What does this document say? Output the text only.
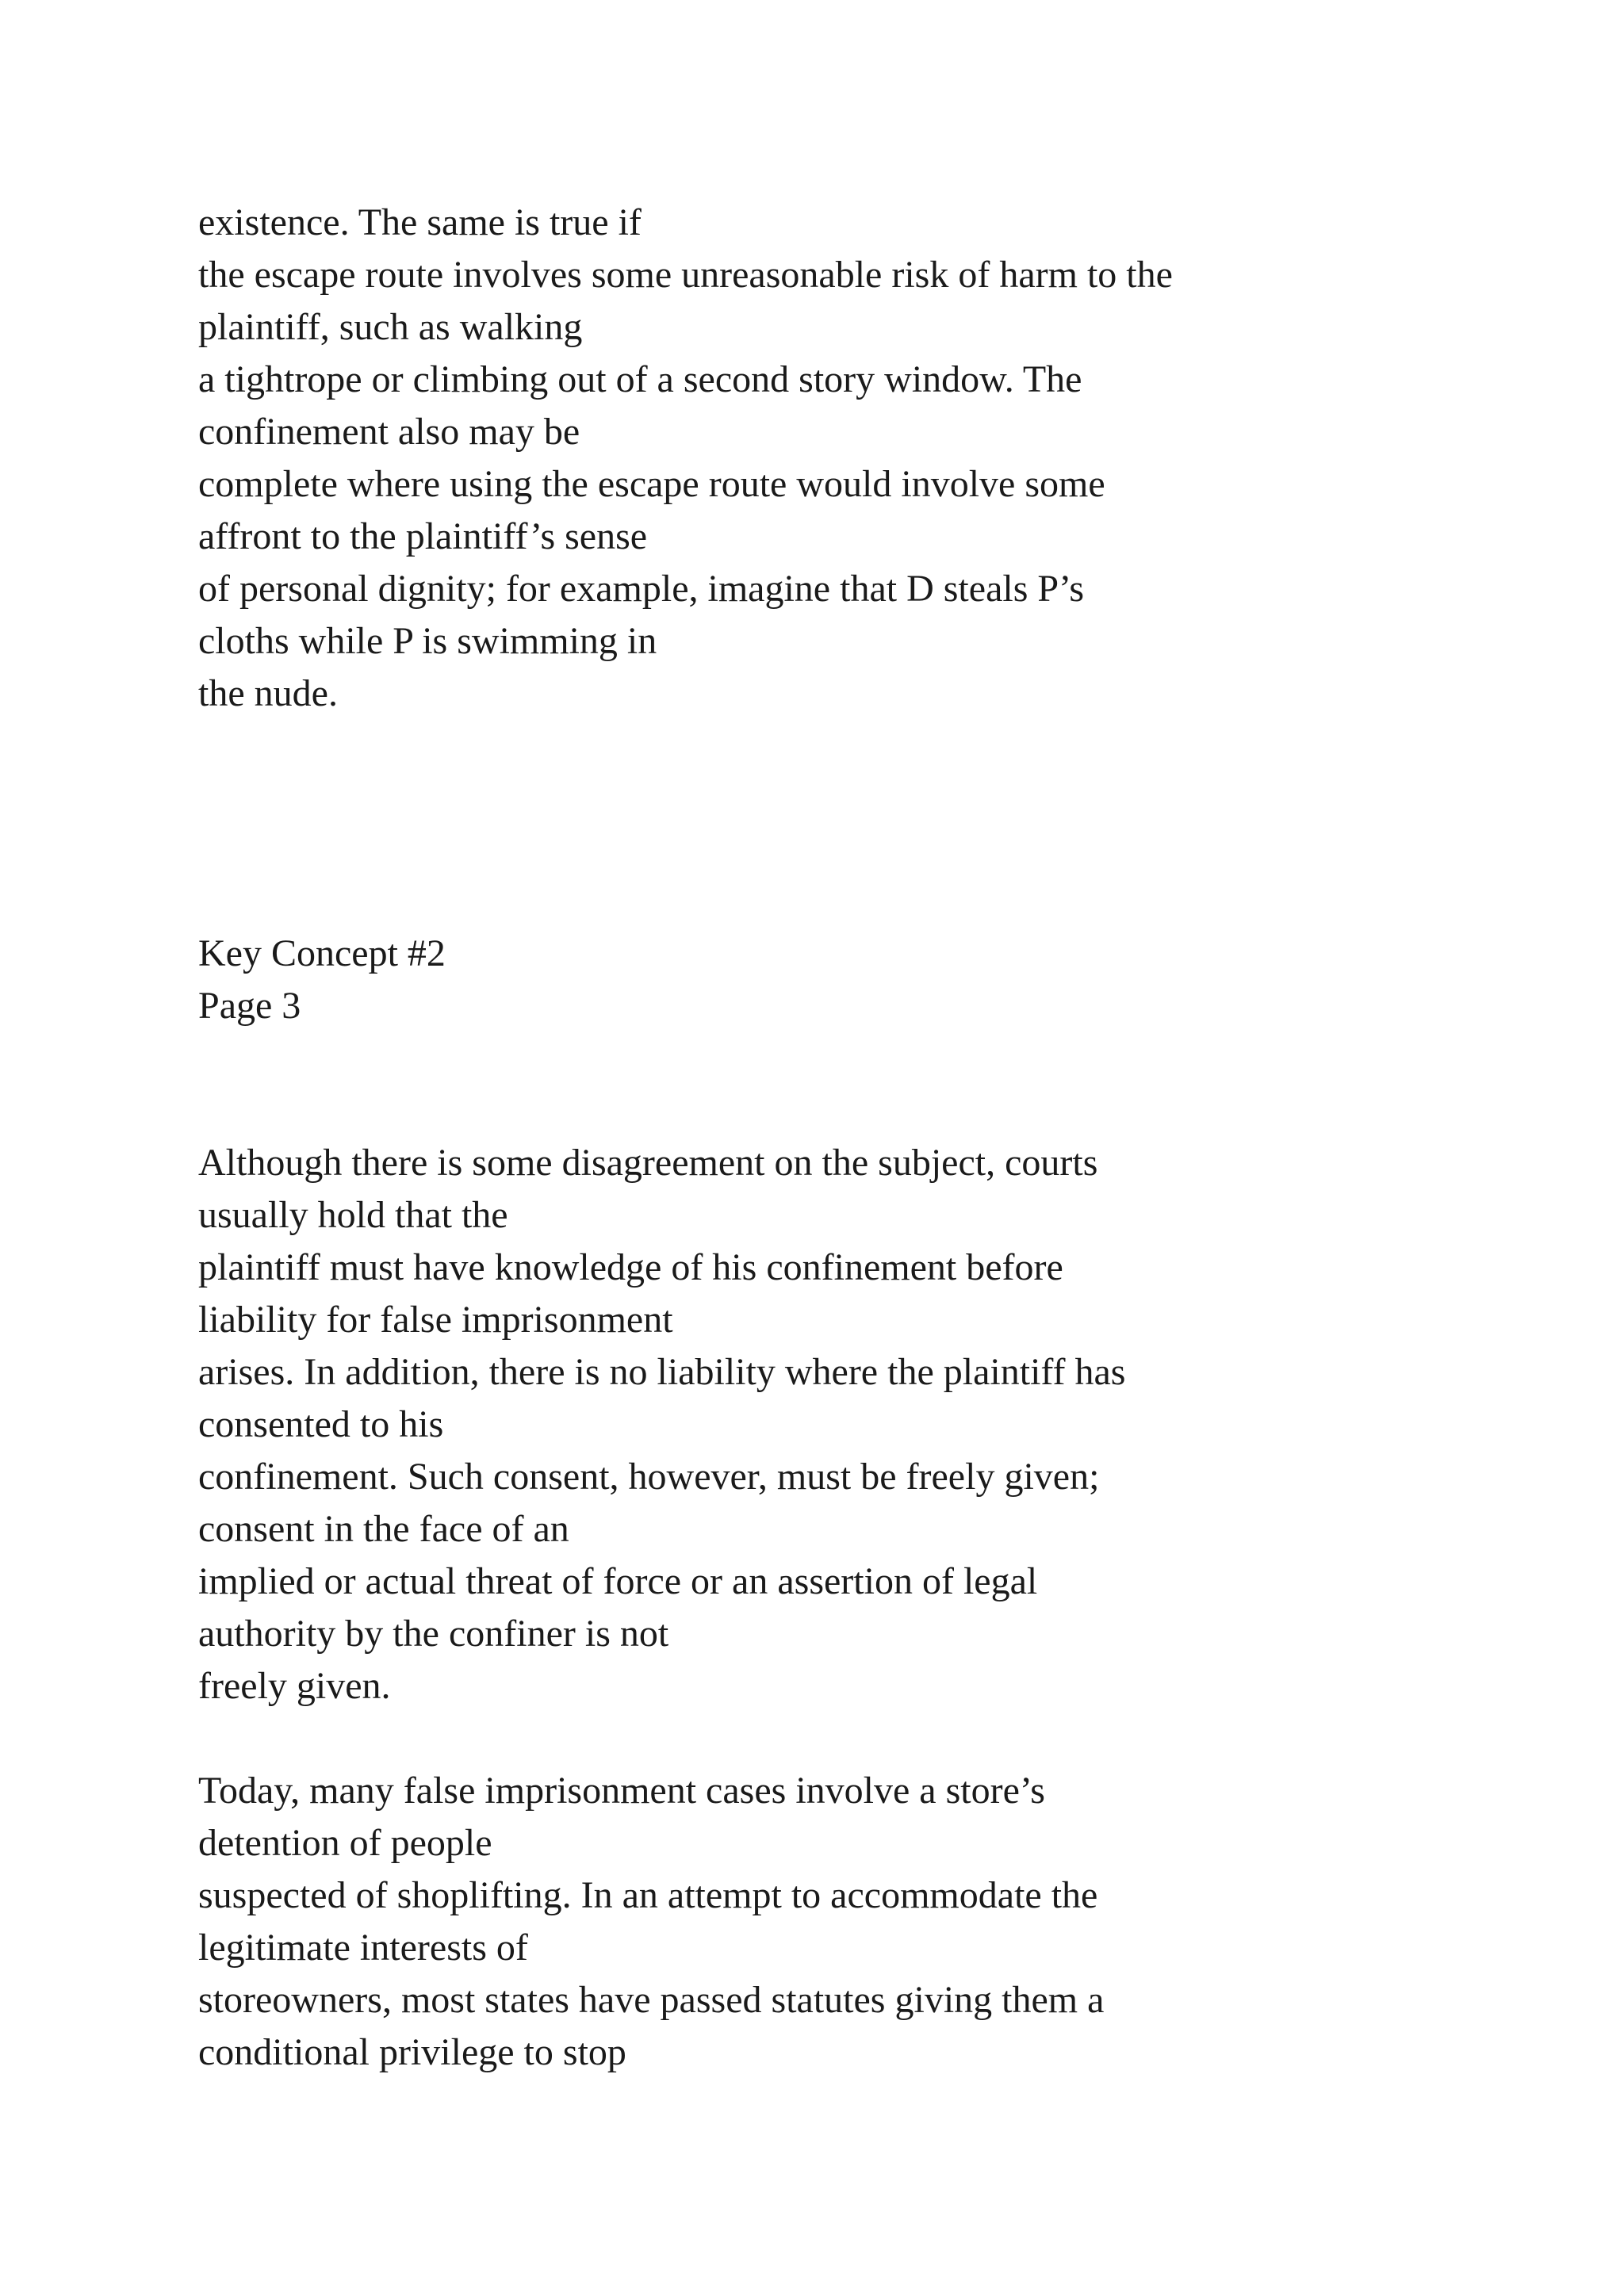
existence. The same is true if
the escape route involves some unreasonable risk of harm to the
plaintiff, such as walking
a tightrope or climbing out of a second story window. The
confinement also may be
complete where using the escape route would involve some
affront to the plaintiff’s sense
of personal dignity; for example, imagine that D steals P’s
cloths while P is swimming in
the nude.
Key Concept #2
Page 3
Although there is some disagreement on the subject, courts
usually hold that the
plaintiff must have knowledge of his confinement before
liability for false imprisonment
arises. In addition, there is no liability where the plaintiff has
consented to his
confinement. Such consent, however, must be freely given;
consent in the face of an
implied or actual threat of force or an assertion of legal
authority by the confiner is not
freely given.
Today, many false imprisonment cases involve a store’s
detention of people
suspected of shoplifting. In an attempt to accommodate the
legitimate interests of
storeowners, most states have passed statutes giving them a
conditional privilege to stop
